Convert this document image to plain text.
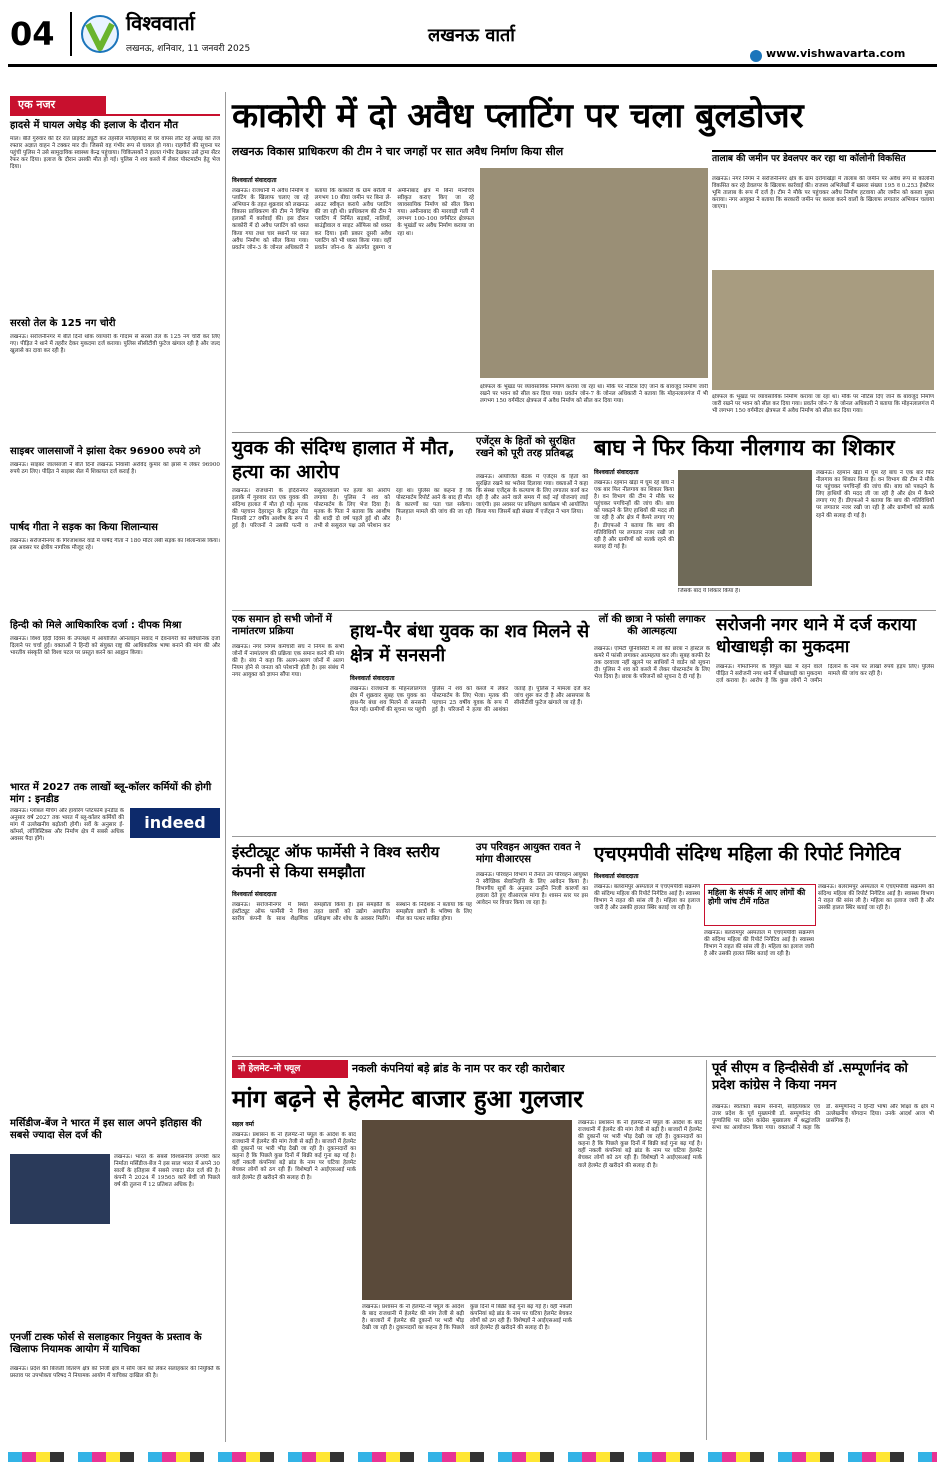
04	विश्ववार्ता
लखनऊ, शनिवार, 11 जनवरी 2025
लखनऊ वार्ता
www.vishwavarta.com
एक नजर
हादसे में घायल अधेड़ की इलाज के दौरान मौत
माल। बीते गुरुवार की देर रात प्राइवेट ड्यूटी कर तहसील मलिहाबाद से घर वापस लौट रहे अधेड़ को तेज रफ्तार अज्ञात वाहन ने टक्कर मार दी। जिससे वह गंभीर रूप से घायल हो गया। राहगीरों की सूचना पर पहुंची पुलिस ने उसे सामुदायिक स्वास्थ्य केन्द्र पहुंचाया। चिकित्सकों ने हालत गंभीर देखकर उसे ट्रामा सेंटर रेफर कर दिया। इलाज के दौरान उसकी मौत हो गई। पुलिस ने शव कब्जे में लेकर पोस्टमार्टम हेतु भेज दिया।
सरसो तेल के 125 नग चोरी
लखनऊ। सरोजनीनगर में बीते दिनों थोक व्यापारी के गोदाम से सरसो तेल के 125 नग चोरी कर लिए गए। पीड़ित ने थाने में तहरीर देकर मुकदमा दर्ज कराया। पुलिस सीसीटीवी फुटेज खंगाल रही है और जल्द खुलासे का दावा कर रही है।
साइबर जालसाजों ने झांसा देकर 96900 रुपये ठगे
लखनऊ। साइबर जालसाजों ने बीते दिनों लखनऊ निवासी अरविंद कुमार को झांसे में लेकर 96900 रुपये ठग लिए। पीड़ित ने साइबर सेल में शिकायत दर्ज कराई है।
पार्षद गीता ने सड़क का किया शिलान्यास
लखनऊ। सरोजनीनगर के गिरजाशंकर वार्ड में पार्षद गीता ने 180 मीटर लंबी सड़क का शिलान्यास किया। इस अवसर पर क्षेत्रीय नागरिक मौजूद रहे।
हिन्दी को मिले आधिकारिक दर्जा : दीपक मिश्रा
लखनऊ। विश्व हिंदी दिवस के उपलक्ष्य में आयोजित ऑनलाइन संवाद में देवनागरी को संवैधानिक दर्जा दिलाने पर चर्चा हुई। वक्ताओं ने हिन्दी को संयुक्त राष्ट्र की आधिकारिक भाषा बनाने की मांग की और भारतीय संस्कृति को विश्व पटल पर प्रस्तुत करने का आह्वान किया।
भारत में 2027 तक लाखों ब्लू-कॉलर कर्मियों की होगी मांग : इनडीड
indeed
लखनऊ। ग्लोबल मैचिंग और हायरिंग प्लेटफॉर्म इनडीड के अनुसार वर्ष 2027 तक भारत में ब्लू-कॉलर कर्मियों की मांग में उल्लेखनीय बढ़ोतरी होगी। सर्वे के अनुसार ई-कॉमर्स, लॉजिस्टिक्स और निर्माण क्षेत्र में सबसे अधिक अवसर पैदा होंगे।
मर्सिडीज-बेंज ने भारत में इस साल अपने इतिहास की सबसे ज्यादा सेल दर्ज की
लखनऊ। भारत के सबसे विश्वसनीय लग्जरी कार निर्माता मर्सिडीज-बेंज ने इस साल भारत में अपने 30 सालों के इतिहास में सबसे ज्यादा सेल दर्ज की है। कंपनी ने 2024 में 19565 कारें बेचीं जो पिछले वर्ष की तुलना में 12 प्रतिशत अधिक है।
एनर्जी टास्क फोर्स से सलाहकार नियुक्त के प्रस्ताव के खिलाफ नियामक आयोग में याचिका
लखनऊ। प्रदेश की बिजली वितरण क्षेत्र को निजी क्षेत्र में सौंपे जाने को लेकर सलाहकार की नियुक्ति के प्रस्ताव पर उपभोक्ता परिषद ने नियामक आयोग में याचिका दाखिल की है।
काकोरी में दो अवैध प्लाटिंग पर चला बुलडोजर
लखनऊ विकास प्राधिकरण की टीम ने चार जगहों पर सात अवैध निर्माण किया सील
विश्ववार्ता संवाददाता
लखनऊ। राजधानी में अवैध निर्माण व प्लाटिंग के खिलाफ चलाए जा रहे अभियान के तहत शुक्रवार को लखनऊ विकास प्राधिकरण की टीम ने विभिन्न इलाकों में कार्रवाई की। इस दौरान काकोरी में दो अवैध प्लाटिंग को ध्वस्त किया गया तथा चार स्थानों पर सात अवैध निर्माण को सील किया गया। प्रवर्तन जोन-3 के जोनल अधिकारी ने बताया कि काकोरी के ग्राम बरौली में लगभग 10 बीघा जमीन पर बिना ले-आउट स्वीकृत कराये अवैध प्लाटिंग की जा रही थी। प्राधिकरण की टीम ने प्लाटिंग में निर्मित सड़कों, नालियों, बाउंड्रीवाल व साइट ऑफिस को ध्वस्त कर दिया। इसी प्रकार दूसरी अवैध प्लाटिंग को भी ध्वस्त किया गया। वहीं प्रवर्तन जोन-6 के अंतर्गत दुबग्गा व अमीनाबाद क्षेत्र में बिना मानचित्र स्वीकृत कराए किए जा रहे व्यावसायिक निर्माण को सील किया गया। अमीनाबाद की मारवाड़ी गली में लगभग 100-100 वर्गमीटर क्षेत्रफल के भूखंडों पर अवैध निर्माण कराया जा रहा था।
क्षेत्रफल के भूखंड पर व्यावसायिक निर्माण कराया जा रहा था। मौके पर नोटिस दिए जाने के बावजूद निर्माण जारी रखने पर भवन को सील कर दिया गया। प्रवर्तन जोन-7 के जोनल अधिकारी ने बताया कि मोहनलालगंज में भी लगभग 150 वर्गमीटर क्षेत्रफल में अवैध निर्माण को सील कर दिया गया।
तालाब की जमीन पर डेवलपर कर रहा था कॉलोनी विकसित
लखनऊ। नगर निगम ने सरोजनीनगर क्षेत्र के ग्राम दरोगाखेड़ा में तालाब की जमीन पर अवैध रूप से कॉलोनी विकसित कर रहे डेवलपर के खिलाफ कार्रवाई की। राजस्व अभिलेखों में खसरा संख्या 195 व 0.253 हेक्टेयर भूमि तालाब के रूप में दर्ज है। टीम ने मौके पर पहुंचकर अवैध निर्माण हटवाया और जमीन को कब्जा मुक्त कराया। नगर आयुक्त ने बताया कि सरकारी जमीन पर कब्जा करने वालों के खिलाफ लगातार अभियान चलाया जाएगा।
क्षेत्रफल के भूखंड पर व्यावसायिक निर्माण कराया जा रहा था। मौके पर नोटिस दिए जाने के बावजूद निर्माण जारी रखने पर भवन को सील कर दिया गया। प्रवर्तन जोन-7 के जोनल अधिकारी ने बताया कि मोहनलालगंज में भी लगभग 150 वर्गमीटर क्षेत्रफल में अवैध निर्माण को सील कर दिया गया।
युवक की संदिग्ध हालात में मौत, हत्या का आरोप
लखनऊ। राजधानी के इंदिरानगर इलाके में गुरुवार रात एक युवक की संदिग्ध हालात में मौत हो गई। मृतक की पहचान देहरादून के हरिद्वार रोड निवासी 27 वर्षीय आशीष के रूप में हुई है। परिजनों ने उसकी पत्नी व ससुरालवालों पर हत्या का आरोप लगाया है। पुलिस ने शव को पोस्टमार्टम के लिए भेज दिया है। मृतक के पिता ने बताया कि आशीष की शादी दो वर्ष पहले हुई थी और तभी से ससुराल पक्ष उसे परेशान कर रहा था। पुलिस का कहना है कि पोस्टमार्टम रिपोर्ट आने के बाद ही मौत के कारणों का पता चल सकेगा। फिलहाल मामले की जांच की जा रही है।
एजेंट्स के हितों को सुरक्षित रखने को पूरी तरह प्रतिबद्ध
लखनऊ। आयोजित बैठक में एजेंट्स के हितों को सुरक्षित रखने का भरोसा दिलाया गया। वक्ताओं ने कहा कि संस्था एजेंट्स के कल्याण के लिए लगातार कार्य कर रही है और आने वाले समय में कई नई योजनाएं लाई जाएंगी। इस अवसर पर प्रशिक्षण कार्यक्रम भी आयोजित किया गया जिसमें बड़ी संख्या में एजेंट्स ने भाग लिया।
बाघ ने फिर किया नीलगाय का शिकार
विश्ववार्ता संवाददाता
लखनऊ। रहमान खेड़ा में घूम रहे बाघ ने एक बार फिर नीलगाय का शिकार किया है। वन विभाग की टीम ने मौके पर पहुंचकर पगचिन्हों की जांच की। बाघ को पकड़ने के लिए हाथियों की मदद ली जा रही है और क्षेत्र में कैमरे लगाए गए हैं। डीएफओ ने बताया कि बाघ की गतिविधियों पर लगातार नजर रखी जा रही है और ग्रामीणों को सतर्क रहने की सलाह दी गई है।
जिसके बाद ये शिकार किया है।
लखनऊ। रहमान खेड़ा में घूम रहे बाघ ने एक बार फिर नीलगाय का शिकार किया है। वन विभाग की टीम ने मौके पर पहुंचकर पगचिन्हों की जांच की। बाघ को पकड़ने के लिए हाथियों की मदद ली जा रही है और क्षेत्र में कैमरे लगाए गए हैं। डीएफओ ने बताया कि बाघ की गतिविधियों पर लगातार नजर रखी जा रही है और ग्रामीणों को सतर्क रहने की सलाह दी गई है।
एक समान हो सभी जोनों में नामांतरण प्रक्रिया
लखनऊ। नगर निगम कर्मचारी संघ ने निगम के सभी जोनों में नामांतरण की प्रक्रिया एक समान करने की मांग की है। संघ ने कहा कि अलग-अलग जोनों में अलग नियम होने से जनता को परेशानी होती है। इस संबंध में नगर आयुक्त को ज्ञापन सौंपा गया।
हाथ-पैर बंधा युवक का शव मिलने से क्षेत्र में सनसनी
विश्ववार्ता संवाददाता
लखनऊ। राजधानी के मोहनलालगंज क्षेत्र में शुक्रवार सुबह एक युवक का हाथ-पैर बंधा शव मिलने से सनसनी फैल गई। ग्रामीणों की सूचना पर पहुंची पुलिस ने शव को कब्जे में लेकर पोस्टमार्टम के लिए भेजा। मृतक की पहचान 25 वर्षीय युवक के रूप में हुई है। परिजनों ने हत्या की आशंका जताई है। पुलिस ने मामला दर्ज कर जांच शुरू कर दी है और आसपास के सीसीटीवी फुटेज खंगाले जा रहे हैं।
लॉ की छात्रा ने फांसी लगाकर की आत्महत्या
लखनऊ। एमिटी यूनिवर्सिटी में लॉ की छात्रा ने हॉस्टल के कमरे में फांसी लगाकर आत्महत्या कर ली। सुबह काफी देर तक दरवाजा नहीं खुलने पर साथियों ने वार्डन को सूचना दी। पुलिस ने शव को कब्जे में लेकर पोस्टमार्टम के लिए भेज दिया है। छात्रा के परिजनों को सूचना दे दी गई है।
सरोजनी नगर थाने में दर्ज कराया धोखाधड़ी का मुकदमा
लखनऊ। गोमतीनगर के विपुल खंड में रहने वाले पीड़ित ने सरोजनी नगर थाने में धोखाधड़ी का मुकदमा दर्ज कराया है। आरोप है कि कुछ लोगों ने जमीन दिलाने के नाम पर लाखों रुपये हड़प लिए। पुलिस मामले की जांच कर रही है।
इंस्टीट्यूट ऑफ फार्मेसी ने विश्व स्तरीय कंपनी से किया समझौता
विश्ववार्ता संवाददाता
लखनऊ। सरोजनीनगर में स्थित इंस्टीट्यूट ऑफ फार्मेसी ने विश्व स्तरीय कंपनी के साथ शैक्षणिक समझौता किया है। इस समझौते के तहत छात्रों को उद्योग आधारित प्रशिक्षण और शोध के अवसर मिलेंगे। संस्थान के निदेशक ने बताया कि यह समझौता छात्रों के भविष्य के लिए मील का पत्थर साबित होगा।
उप परिवहन आयुक्त रावत ने मांगा वीआरएस
लखनऊ। परिवहन विभाग में तैनात उप परिवहन आयुक्त ने स्वैच्छिक सेवानिवृत्ति के लिए आवेदन किया है। विभागीय सूत्रों के अनुसार उन्होंने निजी कारणों का हवाला देते हुए वीआरएस मांगा है। शासन स्तर पर इस आवेदन पर विचार किया जा रहा है।
एचएमपीवी संदिग्ध महिला की रिपोर्ट निगेटिव
विश्ववार्ता संवाददाता
लखनऊ। बलरामपुर अस्पताल में एचएमपीवी संक्रमण की संदिग्ध महिला की रिपोर्ट निगेटिव आई है। स्वास्थ्य विभाग ने राहत की सांस ली है। महिला का इलाज जारी है और उसकी हालत स्थिर बताई जा रही है।
महिला के संपर्क में आए लोगों की होगी जांच टीमें गठित
लखनऊ। बलरामपुर अस्पताल में एचएमपीवी संक्रमण की संदिग्ध महिला की रिपोर्ट निगेटिव आई है। स्वास्थ्य विभाग ने राहत की सांस ली है। महिला का इलाज जारी है और उसकी हालत स्थिर बताई जा रही है।
लखनऊ। बलरामपुर अस्पताल में एचएमपीवी संक्रमण की संदिग्ध महिला की रिपोर्ट निगेटिव आई है। स्वास्थ्य विभाग ने राहत की सांस ली है। महिला का इलाज जारी है और उसकी हालत स्थिर बताई जा रही है।
नो हेलमेट–नो फ्यूल	नकली कंपनियां बड़े ब्रांड के नाम पर कर रही कारोबार
मांग बढ़ने से हेलमेट बाजार हुआ गुलजार
सहल वर्मा
लखनऊ। प्रशासन के नो हेलमेट-नो फ्यूल के आदेश के बाद राजधानी में हेलमेट की मांग तेजी से बढ़ी है। बाजारों में हेलमेट की दुकानों पर भारी भीड़ देखी जा रही है। दुकानदारों का कहना है कि पिछले कुछ दिनों में बिक्री कई गुना बढ़ गई है। वहीं नकली कंपनियां बड़े ब्रांड के नाम पर घटिया हेलमेट बेचकर लोगों को ठग रही हैं। विशेषज्ञों ने आईएसआई मार्क वाले हेलमेट ही खरीदने की सलाह दी है।
लखनऊ। प्रशासन के नो हेलमेट-नो फ्यूल के आदेश के बाद राजधानी में हेलमेट की मांग तेजी से बढ़ी है। बाजारों में हेलमेट की दुकानों पर भारी भीड़ देखी जा रही है। दुकानदारों का कहना है कि पिछले कुछ दिनों में बिक्री कई गुना बढ़ गई है। वहीं नकली कंपनियां बड़े ब्रांड के नाम पर घटिया हेलमेट बेचकर लोगों को ठग रही हैं। विशेषज्ञों ने आईएसआई मार्क वाले हेलमेट ही खरीदने की सलाह दी है।
लखनऊ। प्रशासन के नो हेलमेट-नो फ्यूल के आदेश के बाद राजधानी में हेलमेट की मांग तेजी से बढ़ी है। बाजारों में हेलमेट की दुकानों पर भारी भीड़ देखी जा रही है। दुकानदारों का कहना है कि पिछले कुछ दिनों में बिक्री कई गुना बढ़ गई है। वहीं नकली कंपनियां बड़े ब्रांड के नाम पर घटिया हेलमेट बेचकर लोगों को ठग रही हैं। विशेषज्ञों ने आईएसआई मार्क वाले हेलमेट ही खरीदने की सलाह दी है।
पूर्व सीएम व हिन्दीसेवी डॉ .सम्पूर्णानंद को प्रदेश कांग्रेस ने किया नमन
लखनऊ। स्वतंत्रता संग्राम सेनानी, साहित्यकार एवं उत्तर प्रदेश के पूर्व मुख्यमंत्री डॉ. सम्पूर्णानंद की पुण्यतिथि पर प्रदेश कांग्रेस मुख्यालय में श्रद्धांजलि सभा का आयोजन किया गया। वक्ताओं ने कहा कि डॉ. सम्पूर्णानंद ने हिन्दी भाषा और शिक्षा के क्षेत्र में उल्लेखनीय योगदान दिया। उनके आदर्श आज भी प्रासंगिक हैं।
